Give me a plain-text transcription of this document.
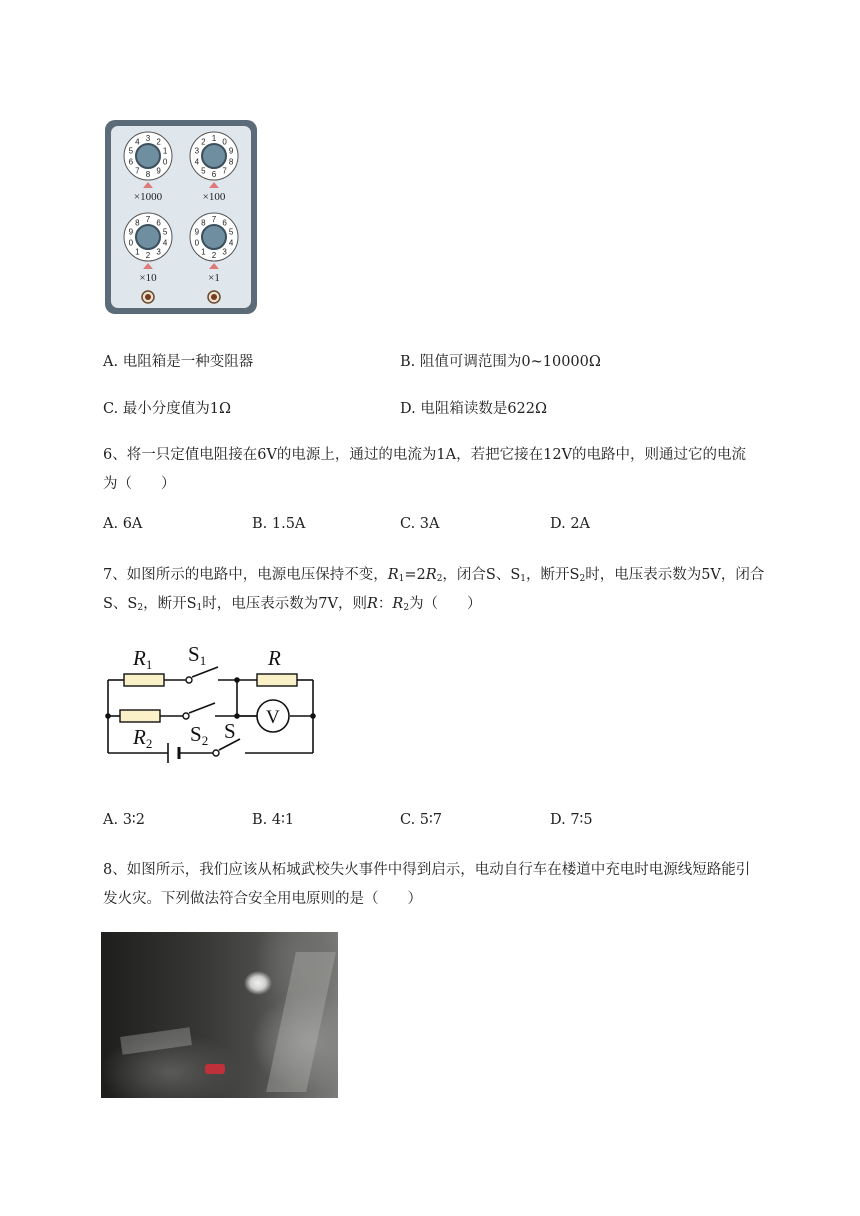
0
1
2
3
4
5
6
7 8 9
×1000
0
1
2
3
4
5 6 7
8
9
×100
0
1 2 3
4
5
6
7
8
9
×10
0
1 2 3
4
5
6
7
8
9
×1
A. 电阻箱是一种变阻器	B. 阻值可调范围为0~10000Ω
C. 最小分度值为1Ω	D. 电阻箱读数是622Ω
6、将一只定值电阻接在6V的电源上，通过的电流为1A，若把它接在12V的电路中，则通过它的电流
为（　　）
A. 6A	B. 1.5A	C. 3A	D. 2A
7、如图所示的电路中，电源电压保持不变，$R_1=2R_2$，闭合S、$S_1$，断开$S_2$时，电压表示数为5V，闭合
S、$S_2$，断开$S_1$时，电压表示数为7V，则R：$R_2$为（　　）
R1 S1	R
R2 S2 S
V
A. 3∶2	B. 4∶1	C. 5∶7	D. 7∶5
8、如图所示，我们应该从柘城武校失火事件中得到启示，电动自行车在楼道中充电时电源线短路能引
发火灾。下列做法符合安全用电原则的是（　　）
